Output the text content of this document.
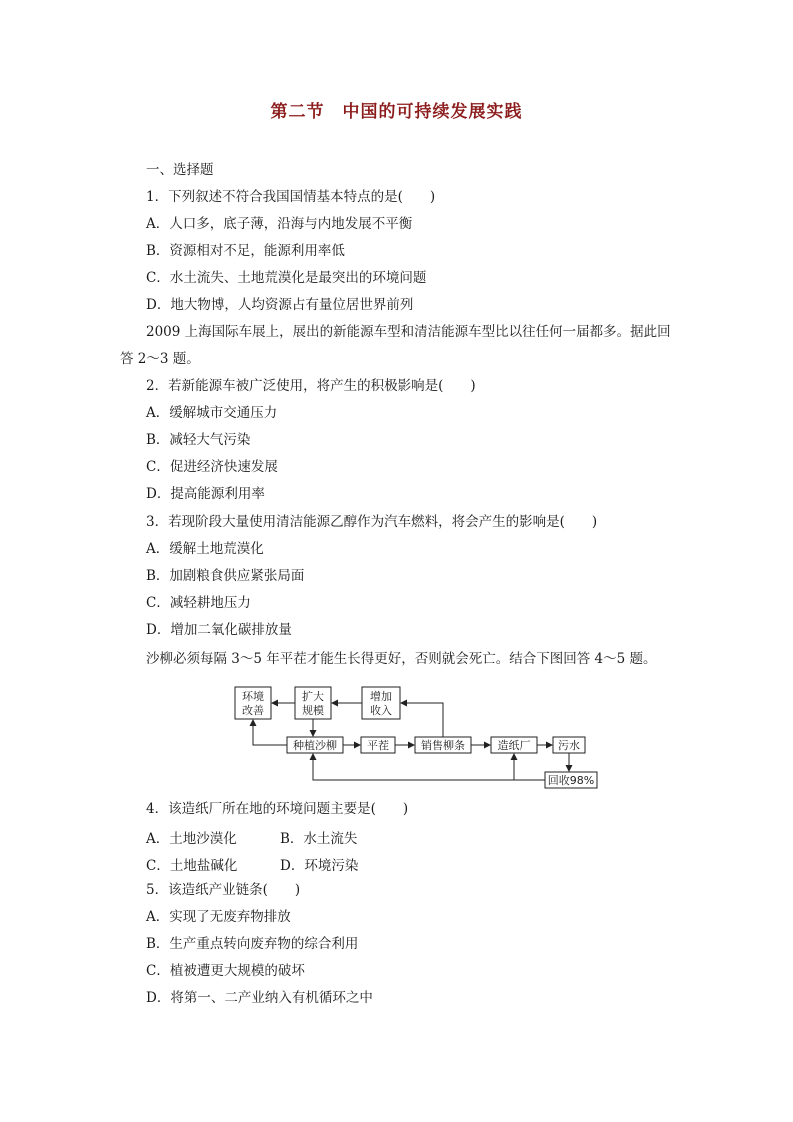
第二节 中国的可持续发展实践
一、选择题
1．下列叙述不符合我国国情基本特点的是(　　)
A．人口多，底子薄，沿海与内地发展不平衡
B．资源相对不足，能源利用率低
C．水土流失、土地荒漠化是最突出的环境问题
D．地大物博，人均资源占有量位居世界前列
2009 上海国际车展上，展出的新能源车型和清洁能源车型比以往任何一届都多。据此回
答 2～3 题。
2．若新能源车被广泛使用，将产生的积极影响是(　　)
A．缓解城市交通压力
B．减轻大气污染
C．促进经济快速发展
D．提高能源利用率
3．若现阶段大量使用清洁能源乙醇作为汽车燃料，将会产生的影响是(　　)
A．缓解土地荒漠化
B．加剧粮食供应紧张局面
C．减轻耕地压力
D．增加二氧化碳排放量
沙柳必须每隔 3～5 年平茬才能生长得更好，否则就会死亡。结合下图回答 4～5 题。
环境
改善
扩大
规模
增加
收入
种植沙柳	平茬	销售柳条	造纸厂	污水
回收98%
4．该造纸厂所在地的环境问题主要是(　　)
A．土地沙漠化	B．水土流失
C．土地盐碱化	D．环境污染
5．该造纸产业链条(　　)
A．实现了无废弃物排放
B．生产重点转向废弃物的综合利用
C．植被遭更大规模的破坏
D．将第一、二产业纳入有机循环之中
